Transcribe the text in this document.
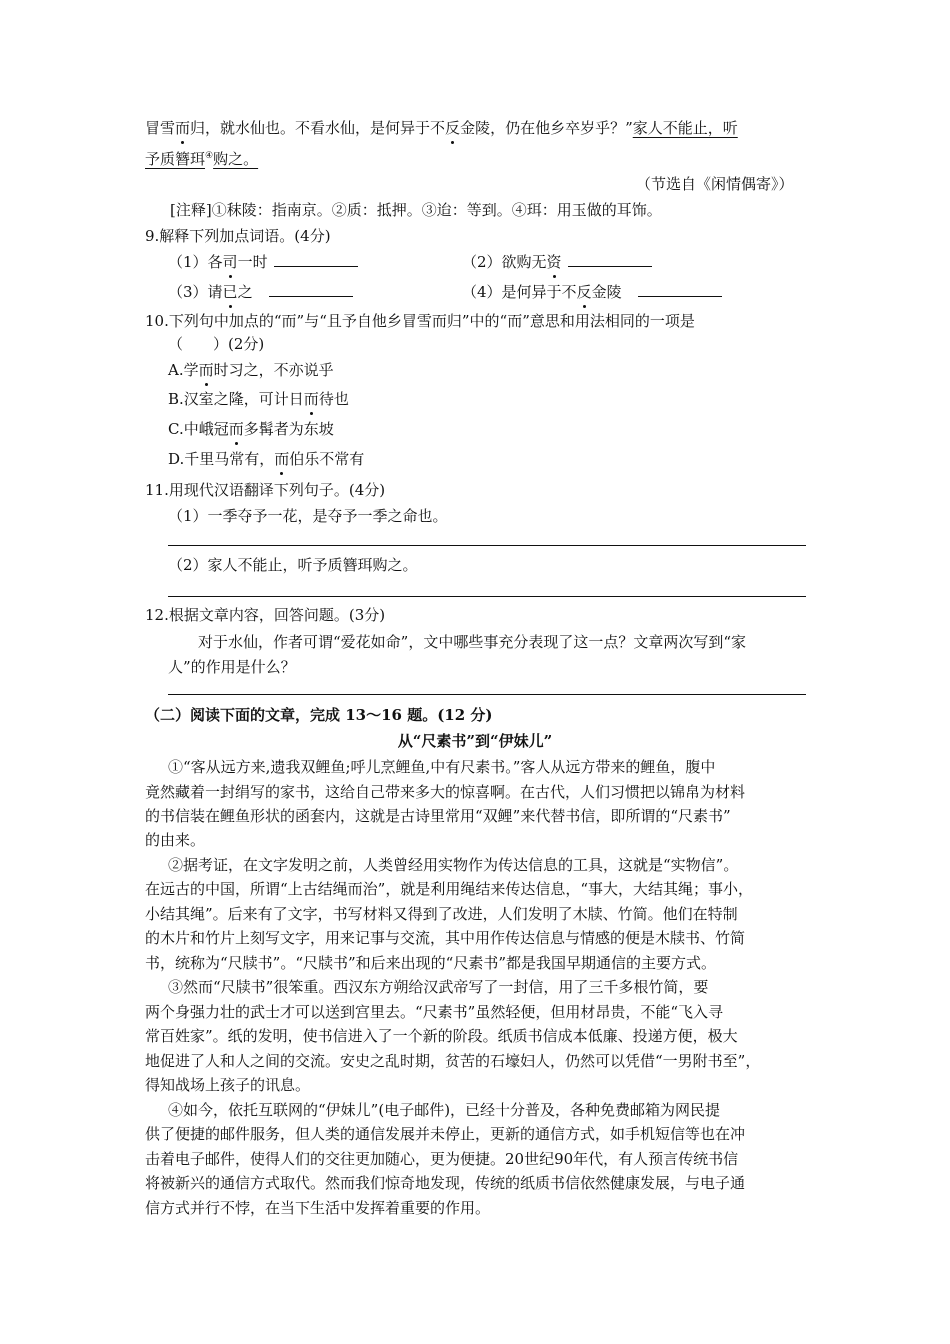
冒雪而归，就水仙也。不看水仙，是何异于不反金陵，仍在他乡卒岁乎？”家人不能止，听
予质簪珥④购之。
（节选自《闲情偶寄》）
[注释]①秣陵：指南京。②质：抵押。③迨：等到。④珥：用玉做的耳饰。
9.解释下列加点词语。(4分)
（1）各司一时	（2）欲购无资
（3）请已之	（4）是何异于不反金陵
10.下列句中加点的“而”与“且予自他乡冒雪而归”中的“而”意思和用法相同的一项是
（　　）(2分)
A.学而时习之，不亦说乎
B.汉室之隆，可计日而待也
C.中峨冠而多髯者为东坡
D.千里马常有，而伯乐不常有
11.用现代汉语翻译下列句子。(4分)
（1）一季夺予一花，是夺予一季之命也。
（2）家人不能止，听予质簪珥购之。
12.根据文章内容，回答问题。(3分)
对于水仙，作者可谓“爱花如命”，文中哪些事充分表现了这一点？文章两次写到“家
人”的作用是什么？
（二）阅读下面的文章，完成 13～16 题。(12 分)
从“尺素书”到“伊妹儿”
①“客从远方来,遗我双鲤鱼;呼儿烹鲤鱼,中有尺素书。”客人从远方带来的鲤鱼，腹中
竟然藏着一封绢写的家书，这给自己带来多大的惊喜啊。在古代，人们习惯把以锦帛为材料
的书信装在鲤鱼形状的函套内，这就是古诗里常用“双鲤”来代替书信，即所谓的“尺素书”
的由来。
②据考证，在文字发明之前，人类曾经用实物作为传达信息的工具，这就是“实物信”。
在远古的中国，所谓“上古结绳而治”，就是利用绳结来传达信息，“事大，大结其绳；事小，
小结其绳”。后来有了文字，书写材料又得到了改进，人们发明了木牍、竹简。他们在特制
的木片和竹片上刻写文字，用来记事与交流，其中用作传达信息与情感的便是木牍书、竹简
书，统称为“尺牍书”。“尺牍书”和后来出现的“尺素书”都是我国早期通信的主要方式。
③然而“尺牍书”很笨重。西汉东方朔给汉武帝写了一封信，用了三千多根竹简，要
两个身强力壮的武士才可以送到宫里去。“尺素书”虽然轻便，但用材昂贵，不能“飞入寻
常百姓家”。纸的发明，使书信进入了一个新的阶段。纸质书信成本低廉、投递方便，极大
地促进了人和人之间的交流。安史之乱时期，贫苦的石壕妇人，仍然可以凭借“一男附书至”，
得知战场上孩子的讯息。
④如今，依托互联网的“伊妹儿”(电子邮件)，已经十分普及，各种免费邮箱为网民提
供了便捷的邮件服务，但人类的通信发展并未停止，更新的通信方式，如手机短信等也在冲
击着电子邮件，使得人们的交往更加随心，更为便捷。20世纪90年代，有人预言传统书信
将被新兴的通信方式取代。然而我们惊奇地发现，传统的纸质书信依然健康发展，与电子通
信方式并行不悖，在当下生活中发挥着重要的作用。
